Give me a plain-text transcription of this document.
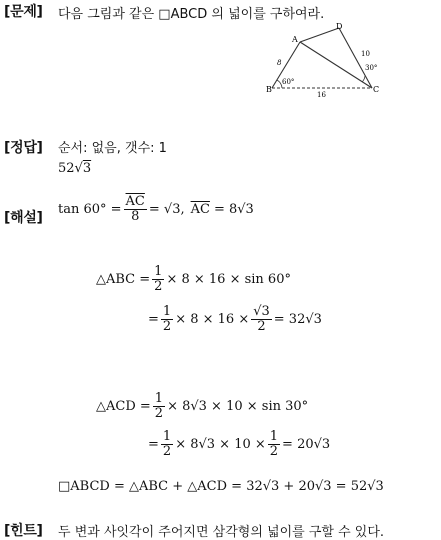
[문제] 다음 그림과 같은 □ABCD 의 넓이를 구하여라.
A
B	C
D
8
10
16
60°
30°
[정답] 순서: 없음, 갯수: 1
52√3
[해설]
$\tan 60^\circ = \frac{\overline{AC}}{8} = √3$, $\overline{AC} = 8√3$
△ABC = $\frac{1}{2} \times 8 \times 16 \times \sin 60^\circ$
= $\frac{1}{2} \times 8 \times 16 \times \frac{√3}{2} = 32√3$
△ACD = $\frac{1}{2} \times 8√3 \times 10 \times \sin 30^\circ$
= $\frac{1}{2} \times 8√3 \times 10 \times \frac{1}{2} = 20√3$
□ABCD = △ABC + △ACD = 32√3 + 20√3 = 52√3
[힌트] 두 변과 사잇각이 주어지면 삼각형의 넓이를 구할 수 있다.
